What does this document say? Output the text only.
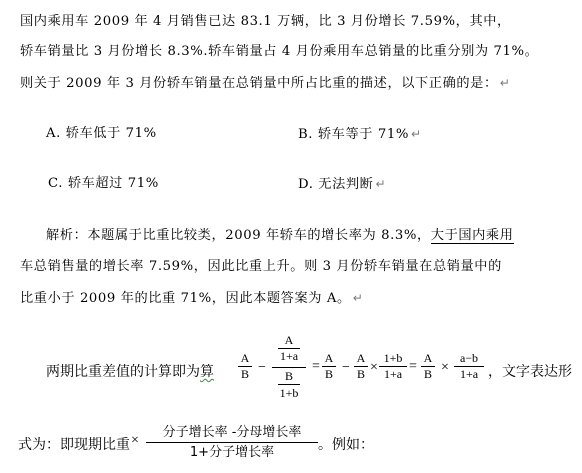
国内乘用车 2009 年 4 月销售已达 83.1 万辆，比 3 月份增长 7.59%，其中，
轿车销量比 3 月份增长 8.3%.轿车销量占 4 月份乘用车总销量的比重分别为 71%。
则关于 2009 年 3 月份轿车销量在总销量中所占比重的描述，以下正确的是： ↵
A. 轿车低于 71%	B. 轿车等于 71% ↵
C. 轿车超过 71%	D. 无法判断 ↵
解析：本题属于比重比较类，2009 年轿车的增长率为 8.3%，大于国内乘用
车总销售量的增长率 7.59%，因此比重上升。则 3 月份轿车销量在总销量中的
比重小于 2009 年的比重 71%，因此本题答案为 A。 ↵
两期比重差值的计算即为算
A
B −
A
1+a
B
1+b
=
A
B −
A
B ×
1+b
1+a =
A
B ×
a−b
1+a ，文字表达形
式为：即现期比重 ×
分子增长率 -分母增长率
1+分子增长率	。例如：
